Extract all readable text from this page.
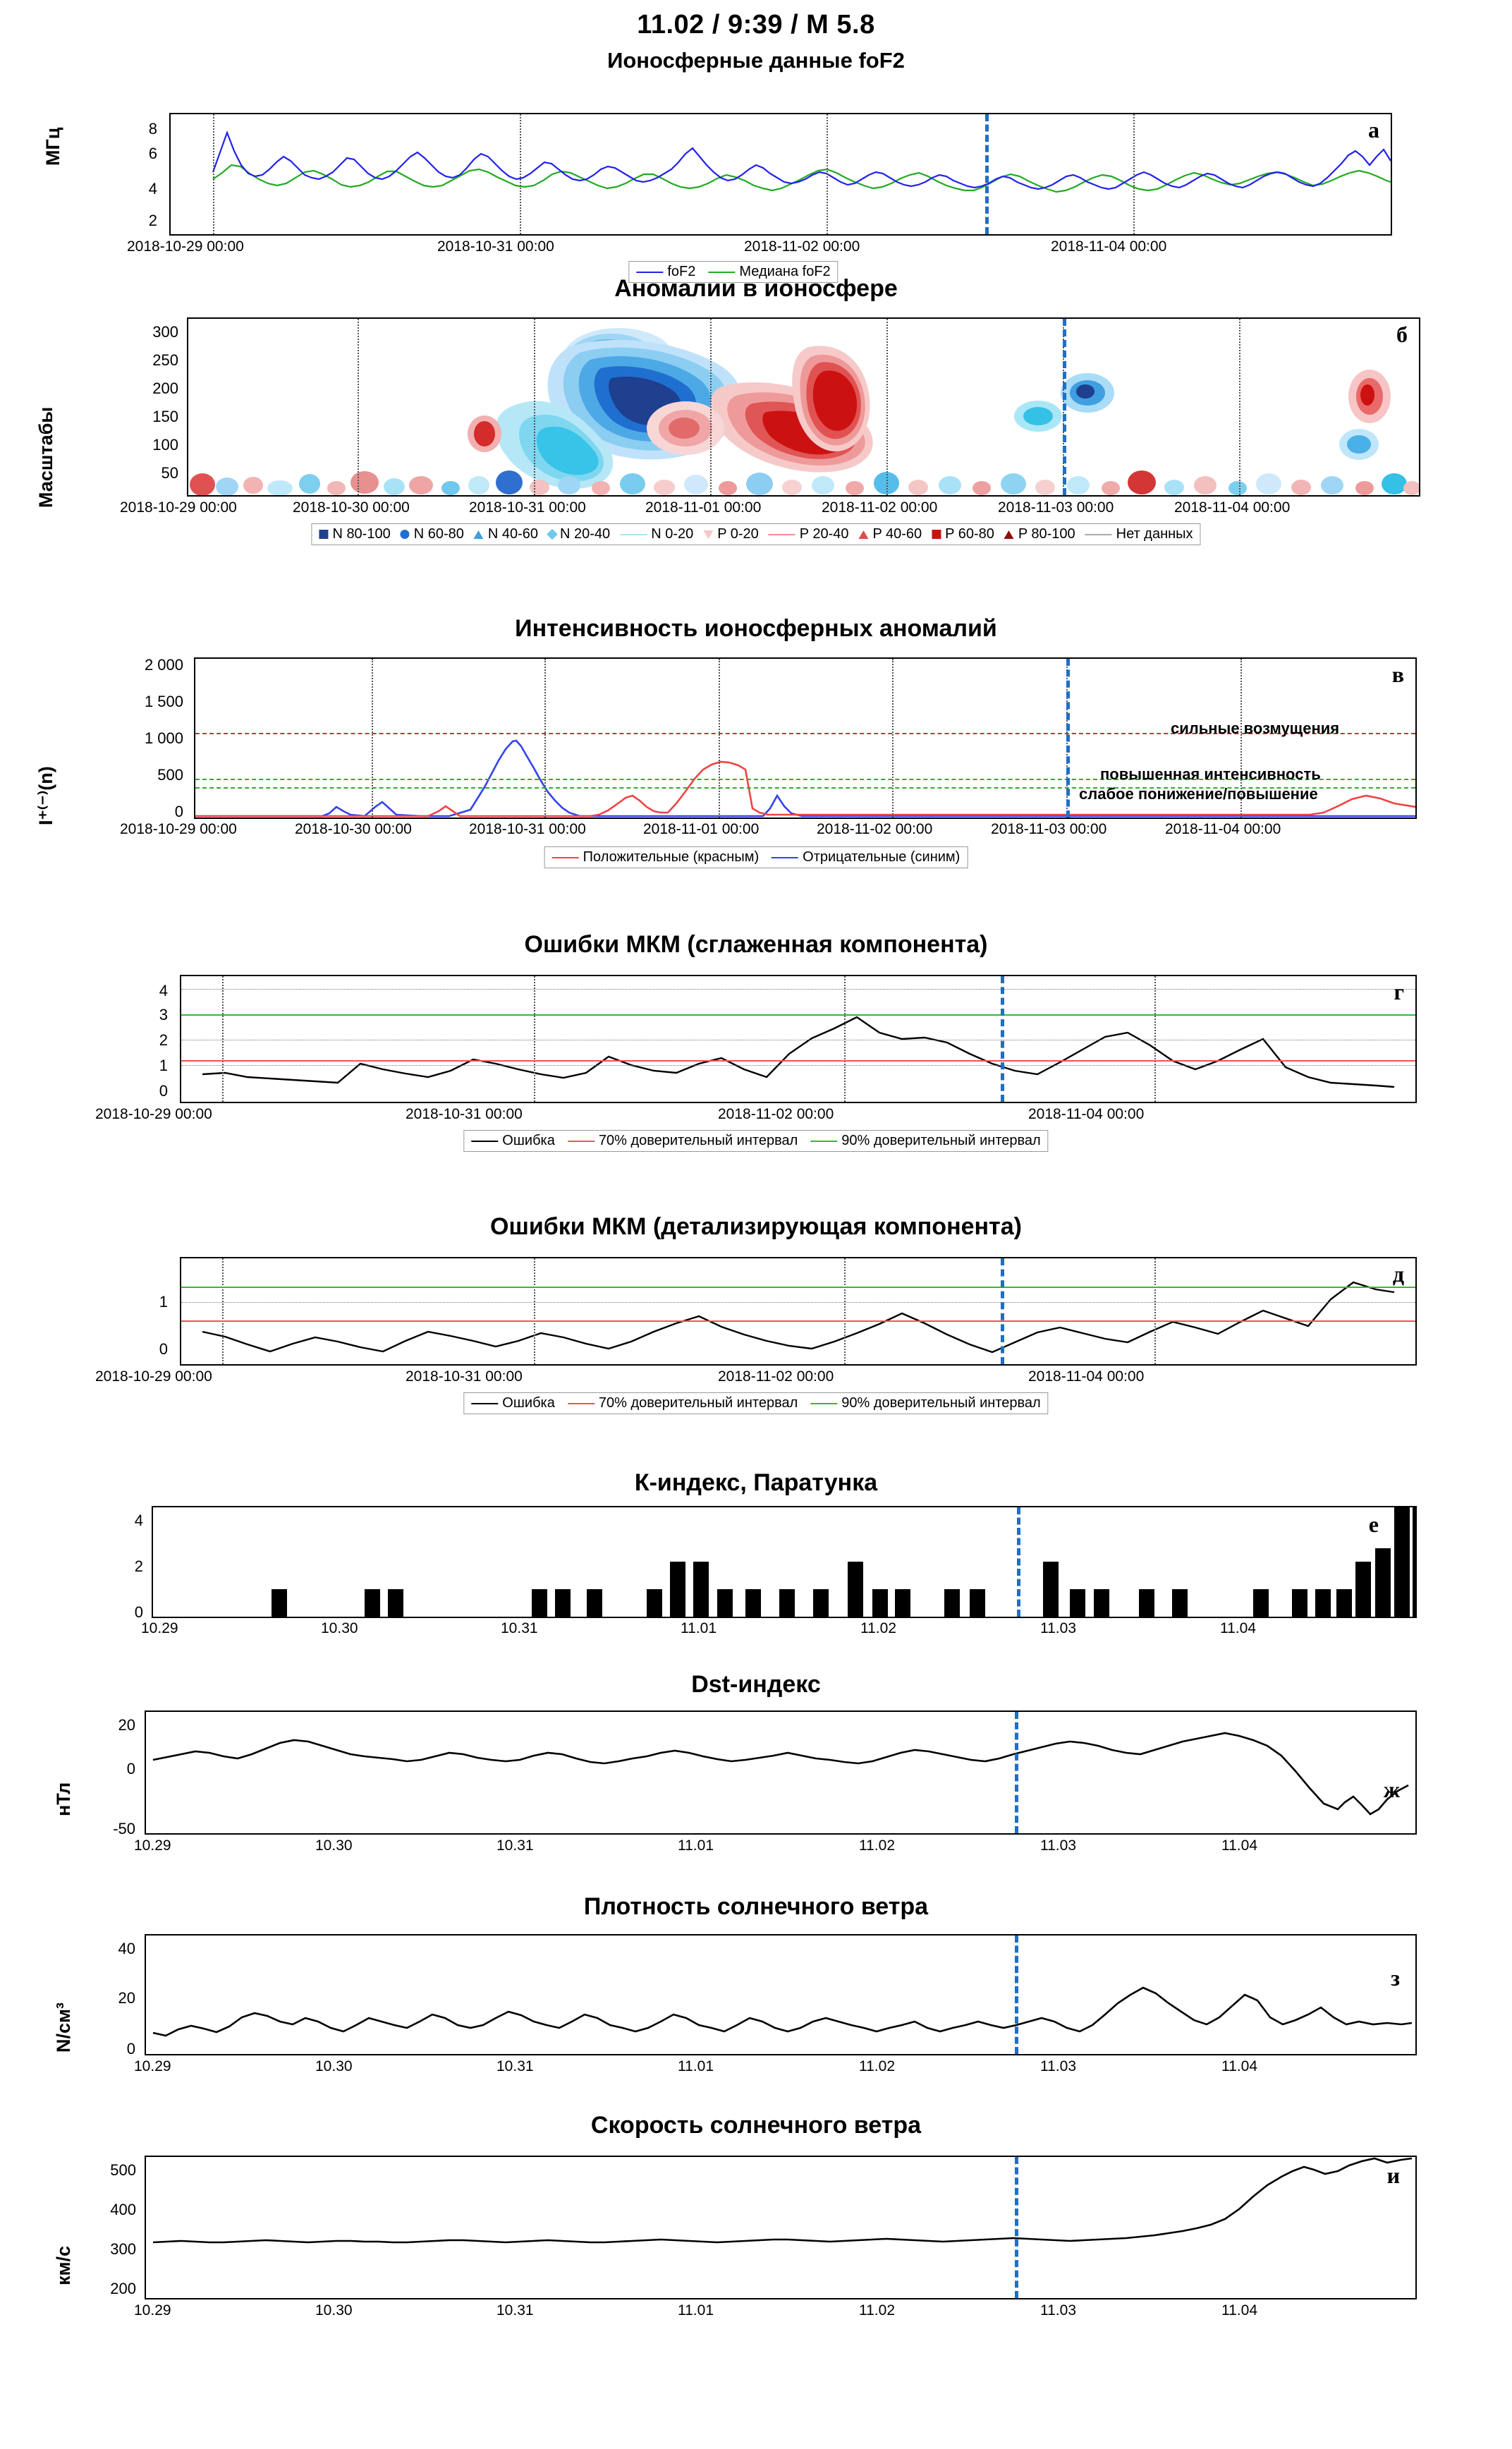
11.02 / 9:39 / M 5.8
Ионосферные данные foF2
МГц	8
6
4
2
а
2018-10-29 00:00	2018-10-31 00:00	2018-11-02 00:00	2018-11-04 00:00
foF2	Медиана foF2
Аномалии в ионосфере
Масштабы
300
250
200
150
100
50
б
2018-10-29 00:00	2018-10-30 00:00	2018-10-31 00:00	2018-11-01 00:00	2018-11-02 00:00	2018-11-03 00:00	2018-11-04 00:00
N 80-100 N 60-80 N 40-60 N 20-40	N 0-20 P 0-20	P 20-40 P 40-60 P 60-80 P 80-100	Нет данных
Интенсивность ионосферных аномалий
I⁺⁽⁻⁾(n)
2 000
1 500
1 000
500
0
в
сильные возмущения
повышенная интенсивность
слабое понижение/повышение
2018-10-29 00:00	2018-10-30 00:00	2018-10-31 00:00	2018-11-01 00:00	2018-11-02 00:00	2018-11-03 00:00	2018-11-04 00:00
Положительные (красным)	Отрицательные (синим)
Ошибки МКМ (сглаженная компонента)
4
3
2
1
0
г
2018-10-29 00:00	2018-10-31 00:00	2018-11-02 00:00	2018-11-04 00:00
Ошибка	70% доверительный интервал	90% доверительный интервал
Ошибки МКМ (детализирующая компонента)
1
0
д
2018-10-29 00:00	2018-10-31 00:00	2018-11-02 00:00	2018-11-04 00:00
Ошибка	70% доверительный интервал	90% доверительный интервал
К-индекс, Паратунка
4
2
0
е
10.29	10.30	10.31	11.01	11.02	11.03	11.04
Dst-индекс
нТл
20
0
-50
ж
10.29	10.30	10.31	11.01	11.02	11.03	11.04
Плотность солнечного ветра
N/см³
40
20
0
з
10.29	10.30	10.31	11.01	11.02	11.03	11.04
Скорость солнечного ветра
км/с
500
400
300
200
и
10.29	10.30	10.31	11.01	11.02	11.03	11.04
